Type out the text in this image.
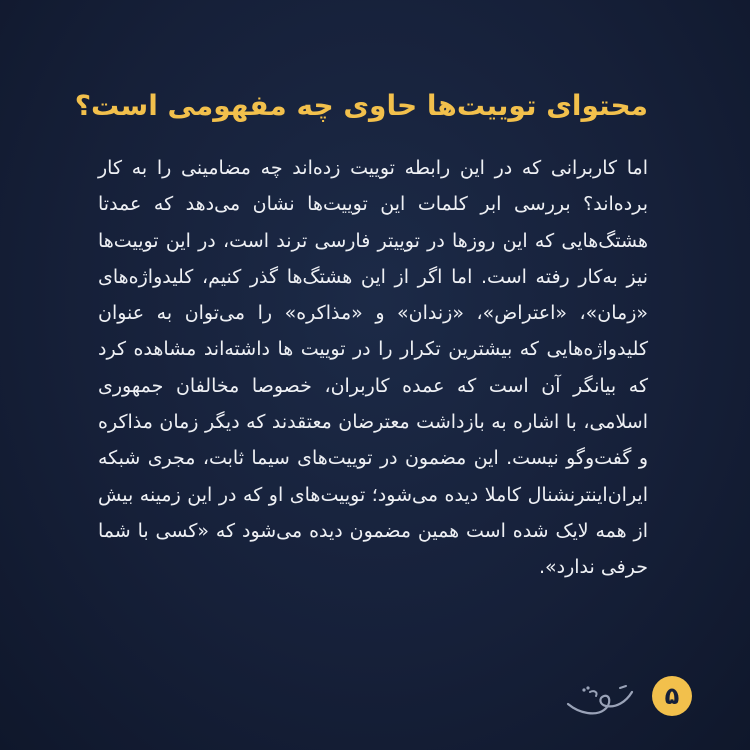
محتوای توییت‌ها حاوی چه مفهومی است؟
اما کاربرانی که در این رابطه توییت زده‌اند چه مضامینی را به کار برده‌اند؟ بررسی ابر کلمات این توییت‌ها نشان می‌دهد که عمدتا هشتگ‌هایی که این روزها در توییتر فارسی ترند است، در این توییت‌ها نیز به‌کار رفته است. اما اگر از این هشتگ‌ها گذر کنیم، کلیدواژه‌های «زمان»، «اعتراض»، «زندان» و «مذاکره» را می‌توان به عنوان کلیدواژه‌هایی که بیشترین تکرار را در توییت ها داشته‌اند مشاهده کرد که بیانگر آن است که عمده کاربران، خصوصا مخالفان جمهوری اسلامی، با اشاره به بازداشت معترضان معتقدند که دیگر زمان مذاکره و گفت‌وگو نیست. این مضمون در توییت‌های سیما ثابت، مجری شبکه ایران‌اینترنشنال کاملا دیده می‌شود؛ توییت‌های او که در این زمینه بیش از همه لایک شده است همین مضمون دیده می‌شود که «کسی با شما حرفی ندارد».
۵
